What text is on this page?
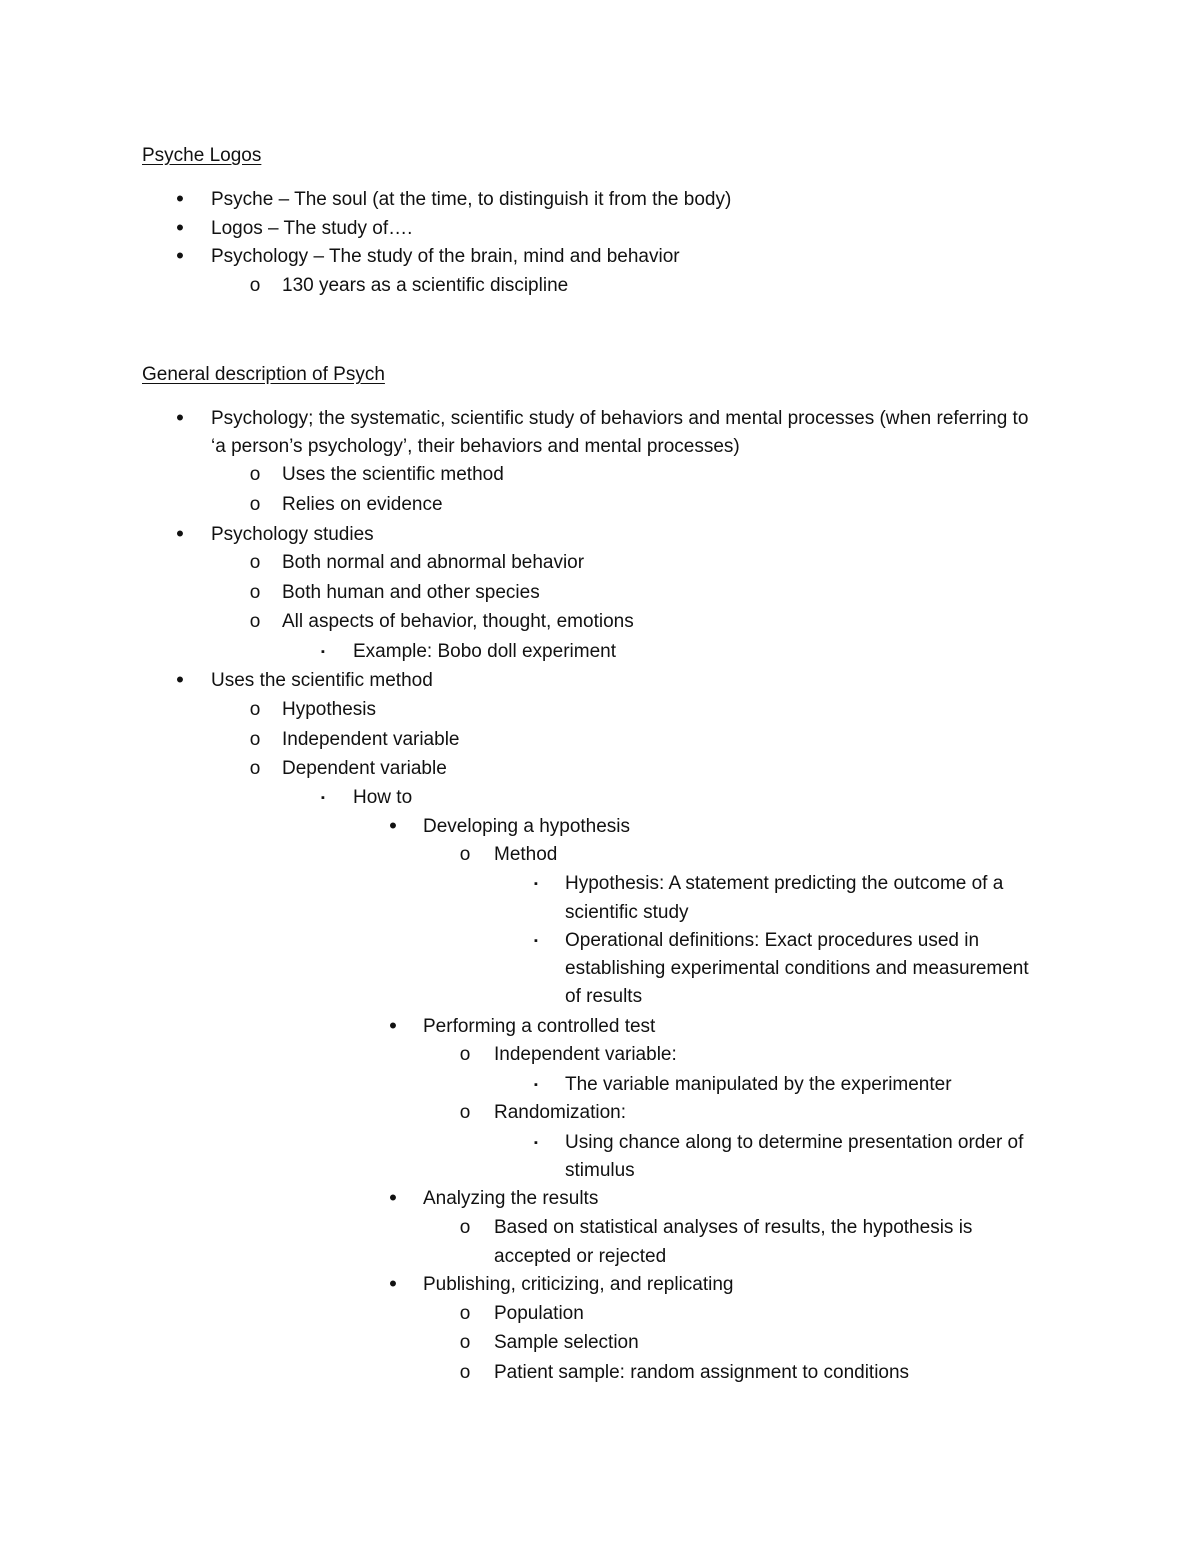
Psyche Logos
•	Psyche – The soul (at the time, to distinguish it from the body)
•	Logos – The study of….
•	Psychology – The study of the brain, mind and behavior
o 130 years as a scientific discipline
General description of Psych
•	Psychology; the systematic, scientific study of behaviors and mental processes (when referring to
‘a person’s psychology’, their behaviors and mental processes)
o Uses the scientific method
o Relies on evidence
•	Psychology studies
o Both normal and abnormal behavior
o Both human and other species
o All aspects of behavior, thought, emotions
▪	Example: Bobo doll experiment
•	Uses the scientific method
o Hypothesis
o Independent variable
o Dependent variable
▪	How to
•	Developing a hypothesis
o Method
▪	Hypothesis: A statement predicting the outcome of a
scientific study
▪	Operational definitions: Exact procedures used in
establishing experimental conditions and measurement
of results
•	Performing a controlled test
o Independent variable:
▪	The variable manipulated by the experimenter
o Randomization:
▪	Using chance along to determine presentation order of
stimulus
•	Analyzing the results
o Based on statistical analyses of results, the hypothesis is
accepted or rejected
•	Publishing, criticizing, and replicating
o Population
o Sample selection
o Patient sample: random assignment to conditions
